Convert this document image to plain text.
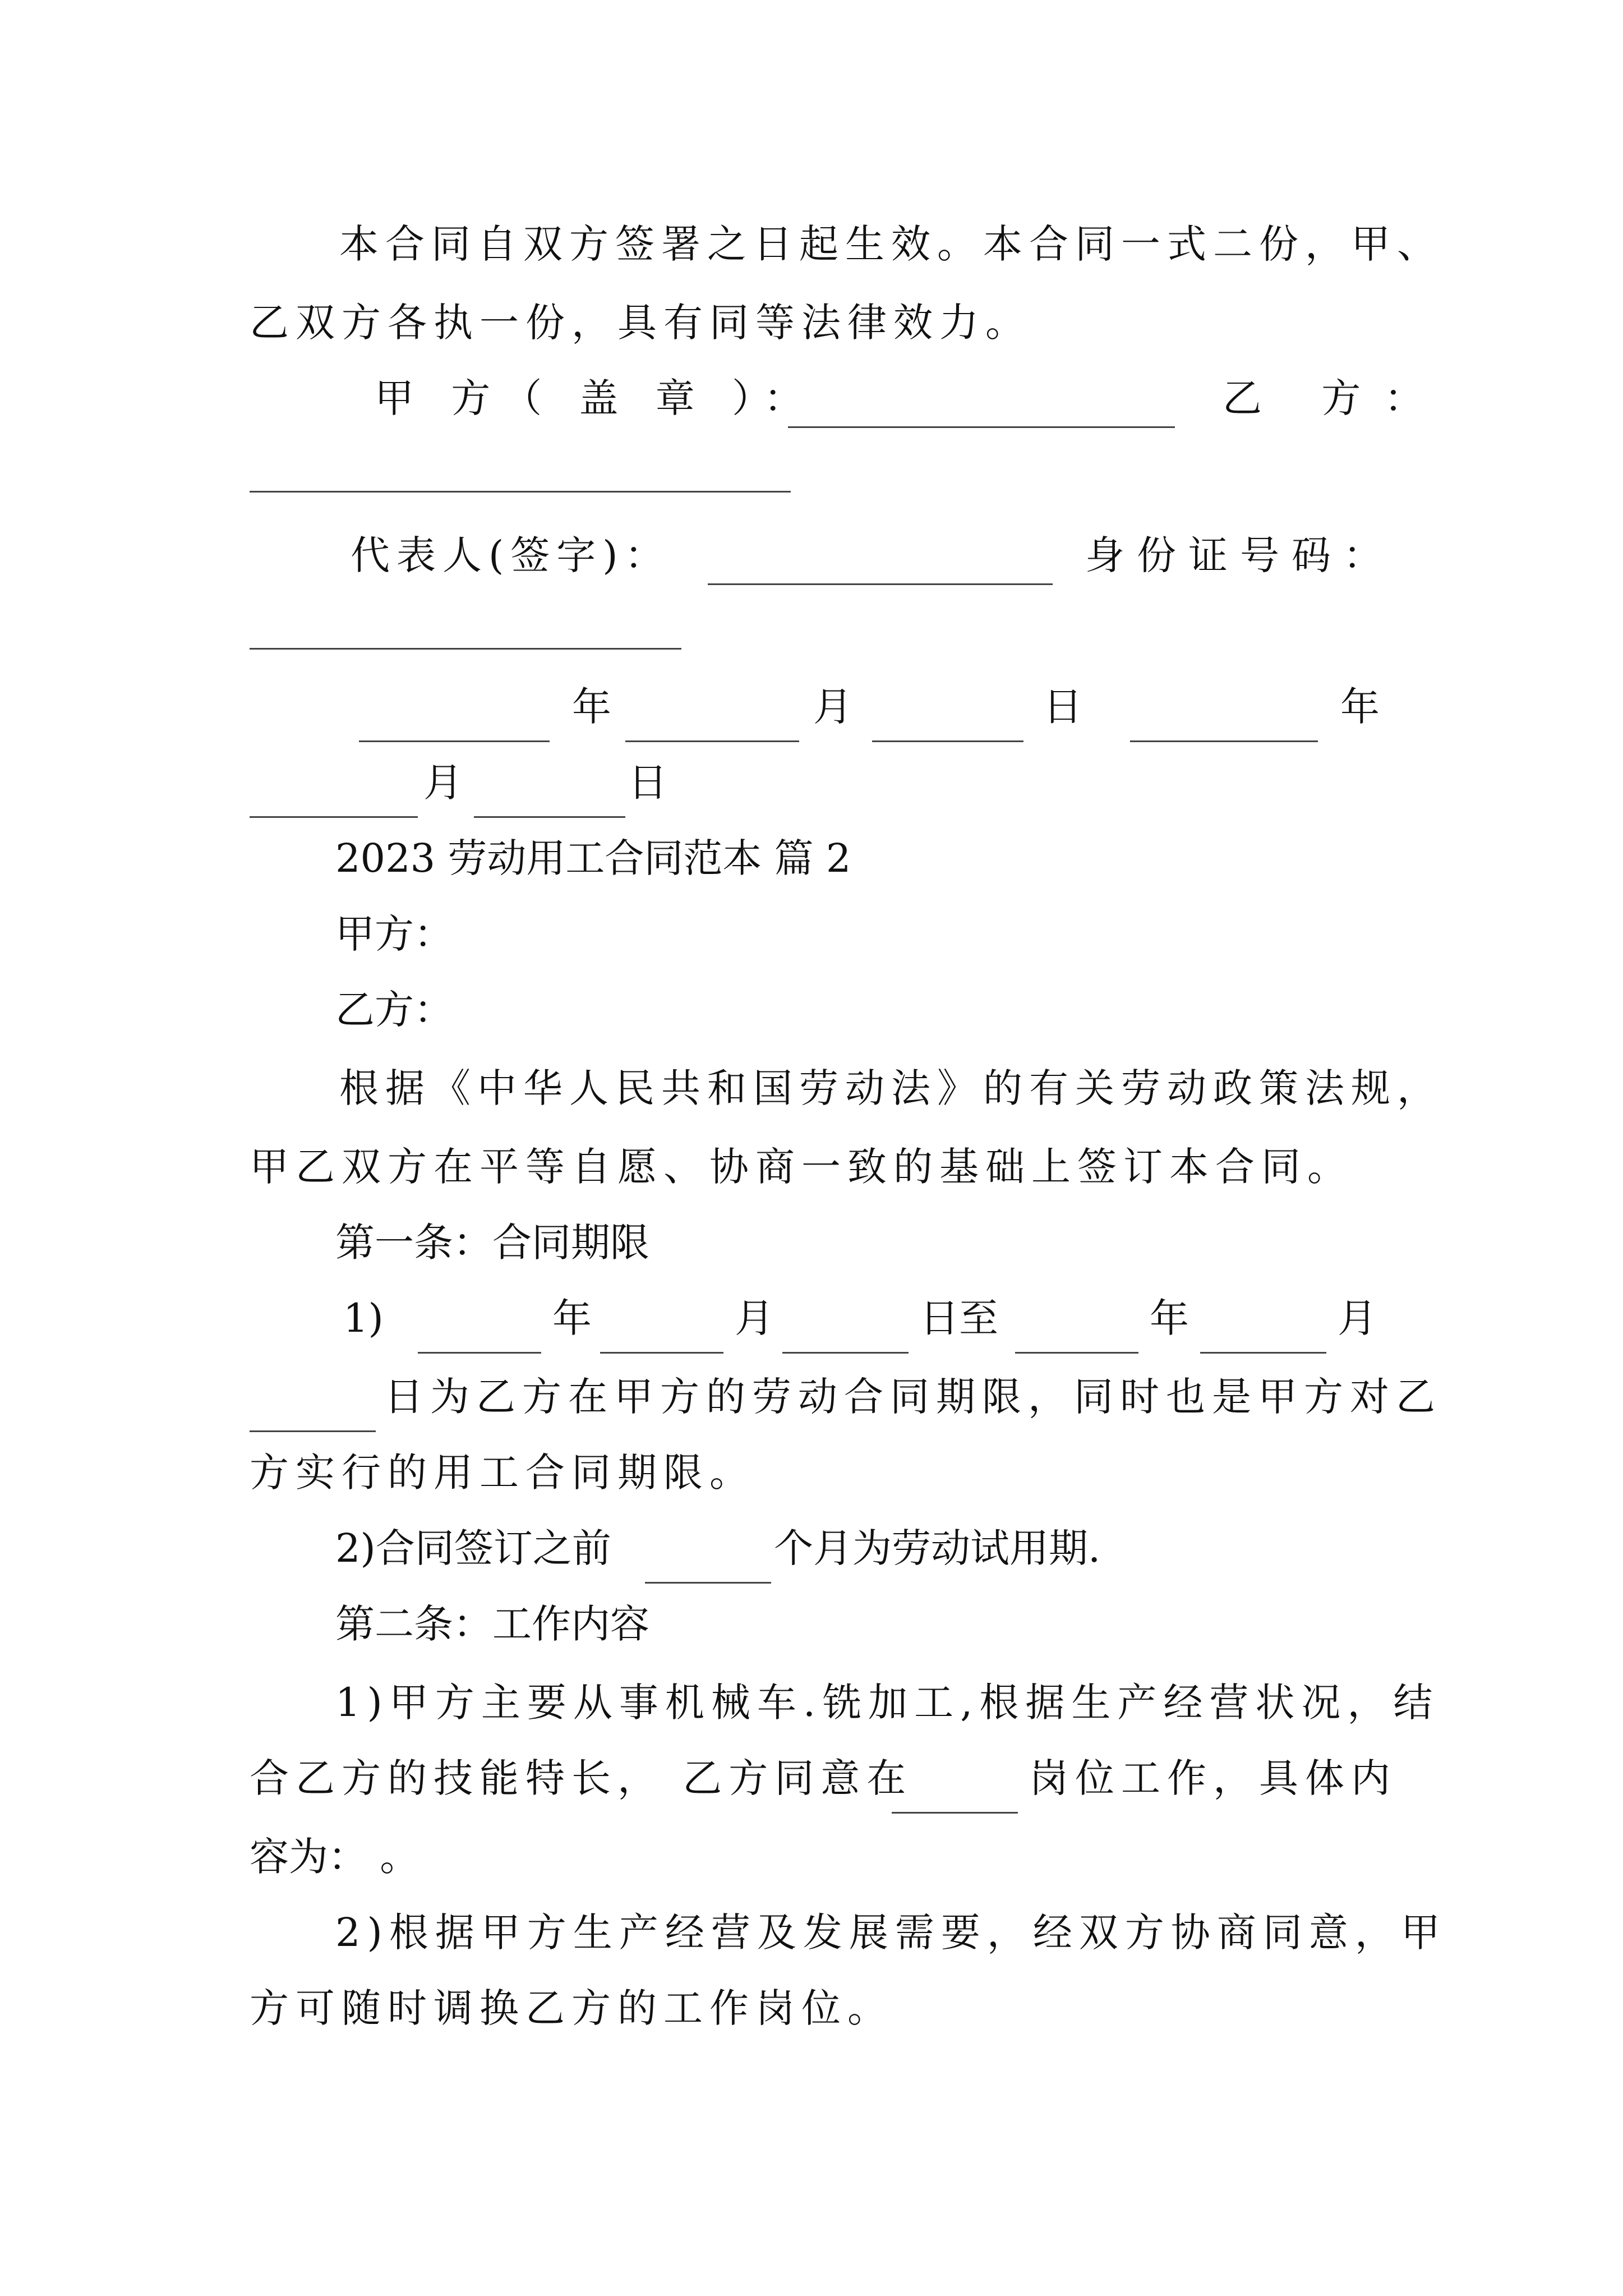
本合同自双方签署之日起生效。本合同一式二份，甲、
乙双方各执一份，具有同等法律效力。
甲 方（ 盖 章 ）：	乙 方：
代表人(签字)：	身份证号码：
年	月	日	年
月	日
2023 劳动用工合同范本 篇 2
甲方：
乙方：
根据《中华人民共和国劳动法》的有关劳动政策法规，
甲乙双方在平等自愿、协商一致的基础上签订本合同。
第一条：合同期限
1)	年	月	日至	年	月
日为乙方在甲方的劳动合同期限，同时也是甲方对乙
方实行的用工合同期限。
2)合同签订之前	个月为劳动试用期.
第二条：工作内容
1)甲方主要从事机械车.铣加工,根据生产经营状况，结
合乙方的技能特长， 乙方同意在	岗位工作，具体内
容为： 。
2)根据甲方生产经营及发展需要，经双方协商同意，甲
方可随时调换乙方的工作岗位。
